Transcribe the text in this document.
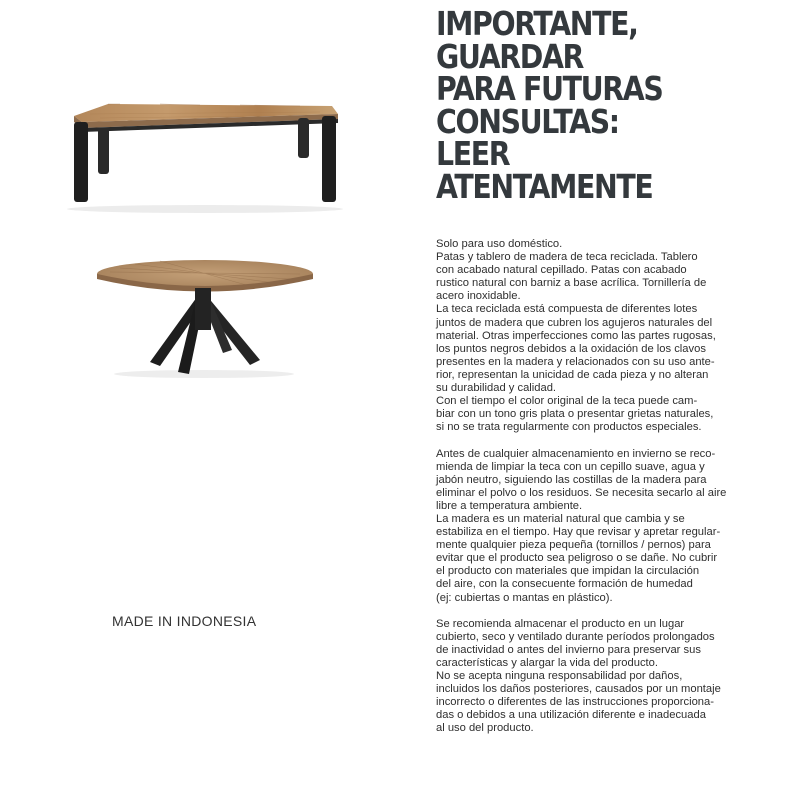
MADE IN INDONESIA
IMPORTANTE,
GUARDAR
PARA FUTURAS
CONSULTAS:
LEER
ATENTAMENTE
Solo para uso doméstico.
Patas y tablero de madera de teca reciclada. Tablero
con acabado natural cepillado. Patas con acabado
rustico natural con barniz a base acrílica. Tornillería de
acero inoxidable.
La teca reciclada está compuesta de diferentes lotes
juntos de madera que cubren los agujeros naturales del
material. Otras imperfecciones como las partes rugosas,
los puntos negros debidos a la oxidación de los clavos
presentes en la madera y relacionados con su uso ante-
rior, representan la unicidad de cada pieza y no alteran
su durabilidad y calidad.
Con el tiempo el color original de la teca puede cam-
biar con un tono gris plata o presentar grietas naturales,
si no se trata regularmente con productos especiales.
Antes de cualquier almacenamiento en invierno se reco-
mienda de limpiar la teca con un cepillo suave, agua y
jabón neutro, siguiendo las costillas de la madera para
eliminar el polvo o los residuos. Se necesita secarlo al aire
libre a temperatura ambiente.
La madera es un material natural que cambia y se
estabiliza en el tiempo. Hay que revisar y apretar regular-
mente qualquier pieza pequeña (tornillos / pernos) para
evitar que el producto sea peligroso o se dañe. No cubrir
el producto con materiales que impidan la circulación
del aire, con la consecuente formación de humedad
(ej: cubiertas o mantas en plástico).
Se recomienda almacenar el producto en un lugar
cubierto, seco y ventilado durante períodos prolongados
de inactividad o antes del invierno para preservar sus
características y alargar la vida del producto.
No se acepta ninguna responsabilidad por daños,
incluidos los daños posteriores, causados por un montaje
incorrecto o diferentes de las instrucciones proporciona-
das o debidos a una utilización diferente e inadecuada
al uso del producto.
